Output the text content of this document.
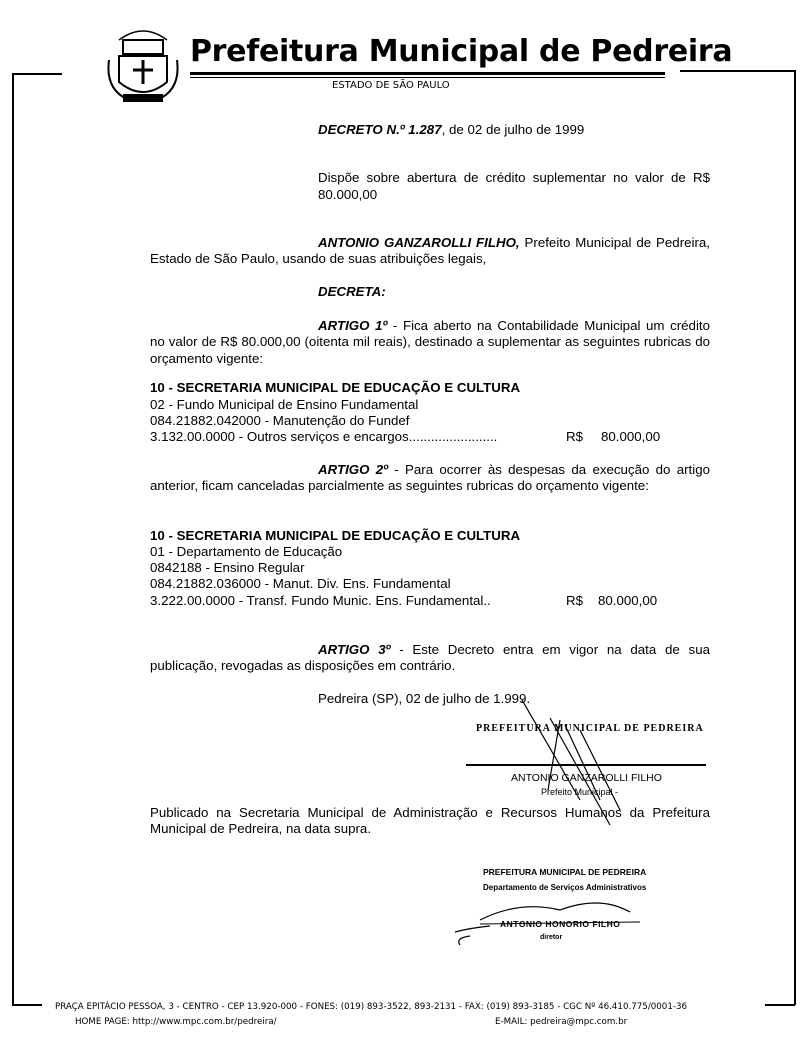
Prefeitura Municipal de Pedreira
ESTADO DE SÃO PAULO
DECRETO N.º 1.287, de 02 de julho de 1999
Dispõe sobre abertura de crédito suplementar no valor de R$ 80.000,00
ANTONIO GANZAROLLI FILHO, Prefeito Municipal de Pedreira, Estado de São Paulo, usando de suas atribuições legais,
DECRETA:
ARTIGO 1º - Fica aberto na Contabilidade Municipal um crédito no valor de R$ 80.000,00 (oitenta mil reais), destinado a suplementar as seguintes rubricas do orçamento vigente:
10 - SECRETARIA MUNICIPAL DE EDUCAÇÃO E CULTURA
02 - Fundo Municipal de Ensino Fundamental
084.21882.042000 - Manutenção do Fundef
3.132.00.0000 - Outros serviços e encargos........................	R$ 80.000,00
ARTIGO 2º - Para ocorrer às despesas da execução do artigo anterior, ficam canceladas parcialmente as seguintes rubricas do orçamento vigente:
10 - SECRETARIA MUNICIPAL DE EDUCAÇÃO E CULTURA
01 - Departamento de Educação
0842188 - Ensino Regular
084.21882.036000 - Manut. Div. Ens. Fundamental
3.222.00.0000 - Transf. Fundo Munic. Ens. Fundamental..	R$ 80.000,00
ARTIGO 3º - Este Decreto entra em vigor na data de sua publicação, revogadas as disposições em contrário.
Pedreira (SP), 02 de julho de 1.999.
PREFEITURA MUNICIPAL DE PEDREIRA
ANTONIO GANZAROLLI FILHO
Prefeito Municipal -
Publicado na Secretaria Municipal de Administração e Recursos Humanos da Prefeitura Municipal de Pedreira, na data supra.
PREFEITURA MUNICIPAL DE PEDREIRA
Departamento de Serviços Administrativos
ANTONIO HONORIO FILHO
diretor
PRAÇA EPITÁCIO PESSOA, 3 - CENTRO - CEP 13.920-000 - FONES: (019) 893-3522, 893-2131 - FAX: (019) 893-3185 - CGC Nº 46.410.775/0001-36
HOME PAGE: http://www.mpc.com.br/pedreira/	E-MAIL: pedreira@mpc.com.br
